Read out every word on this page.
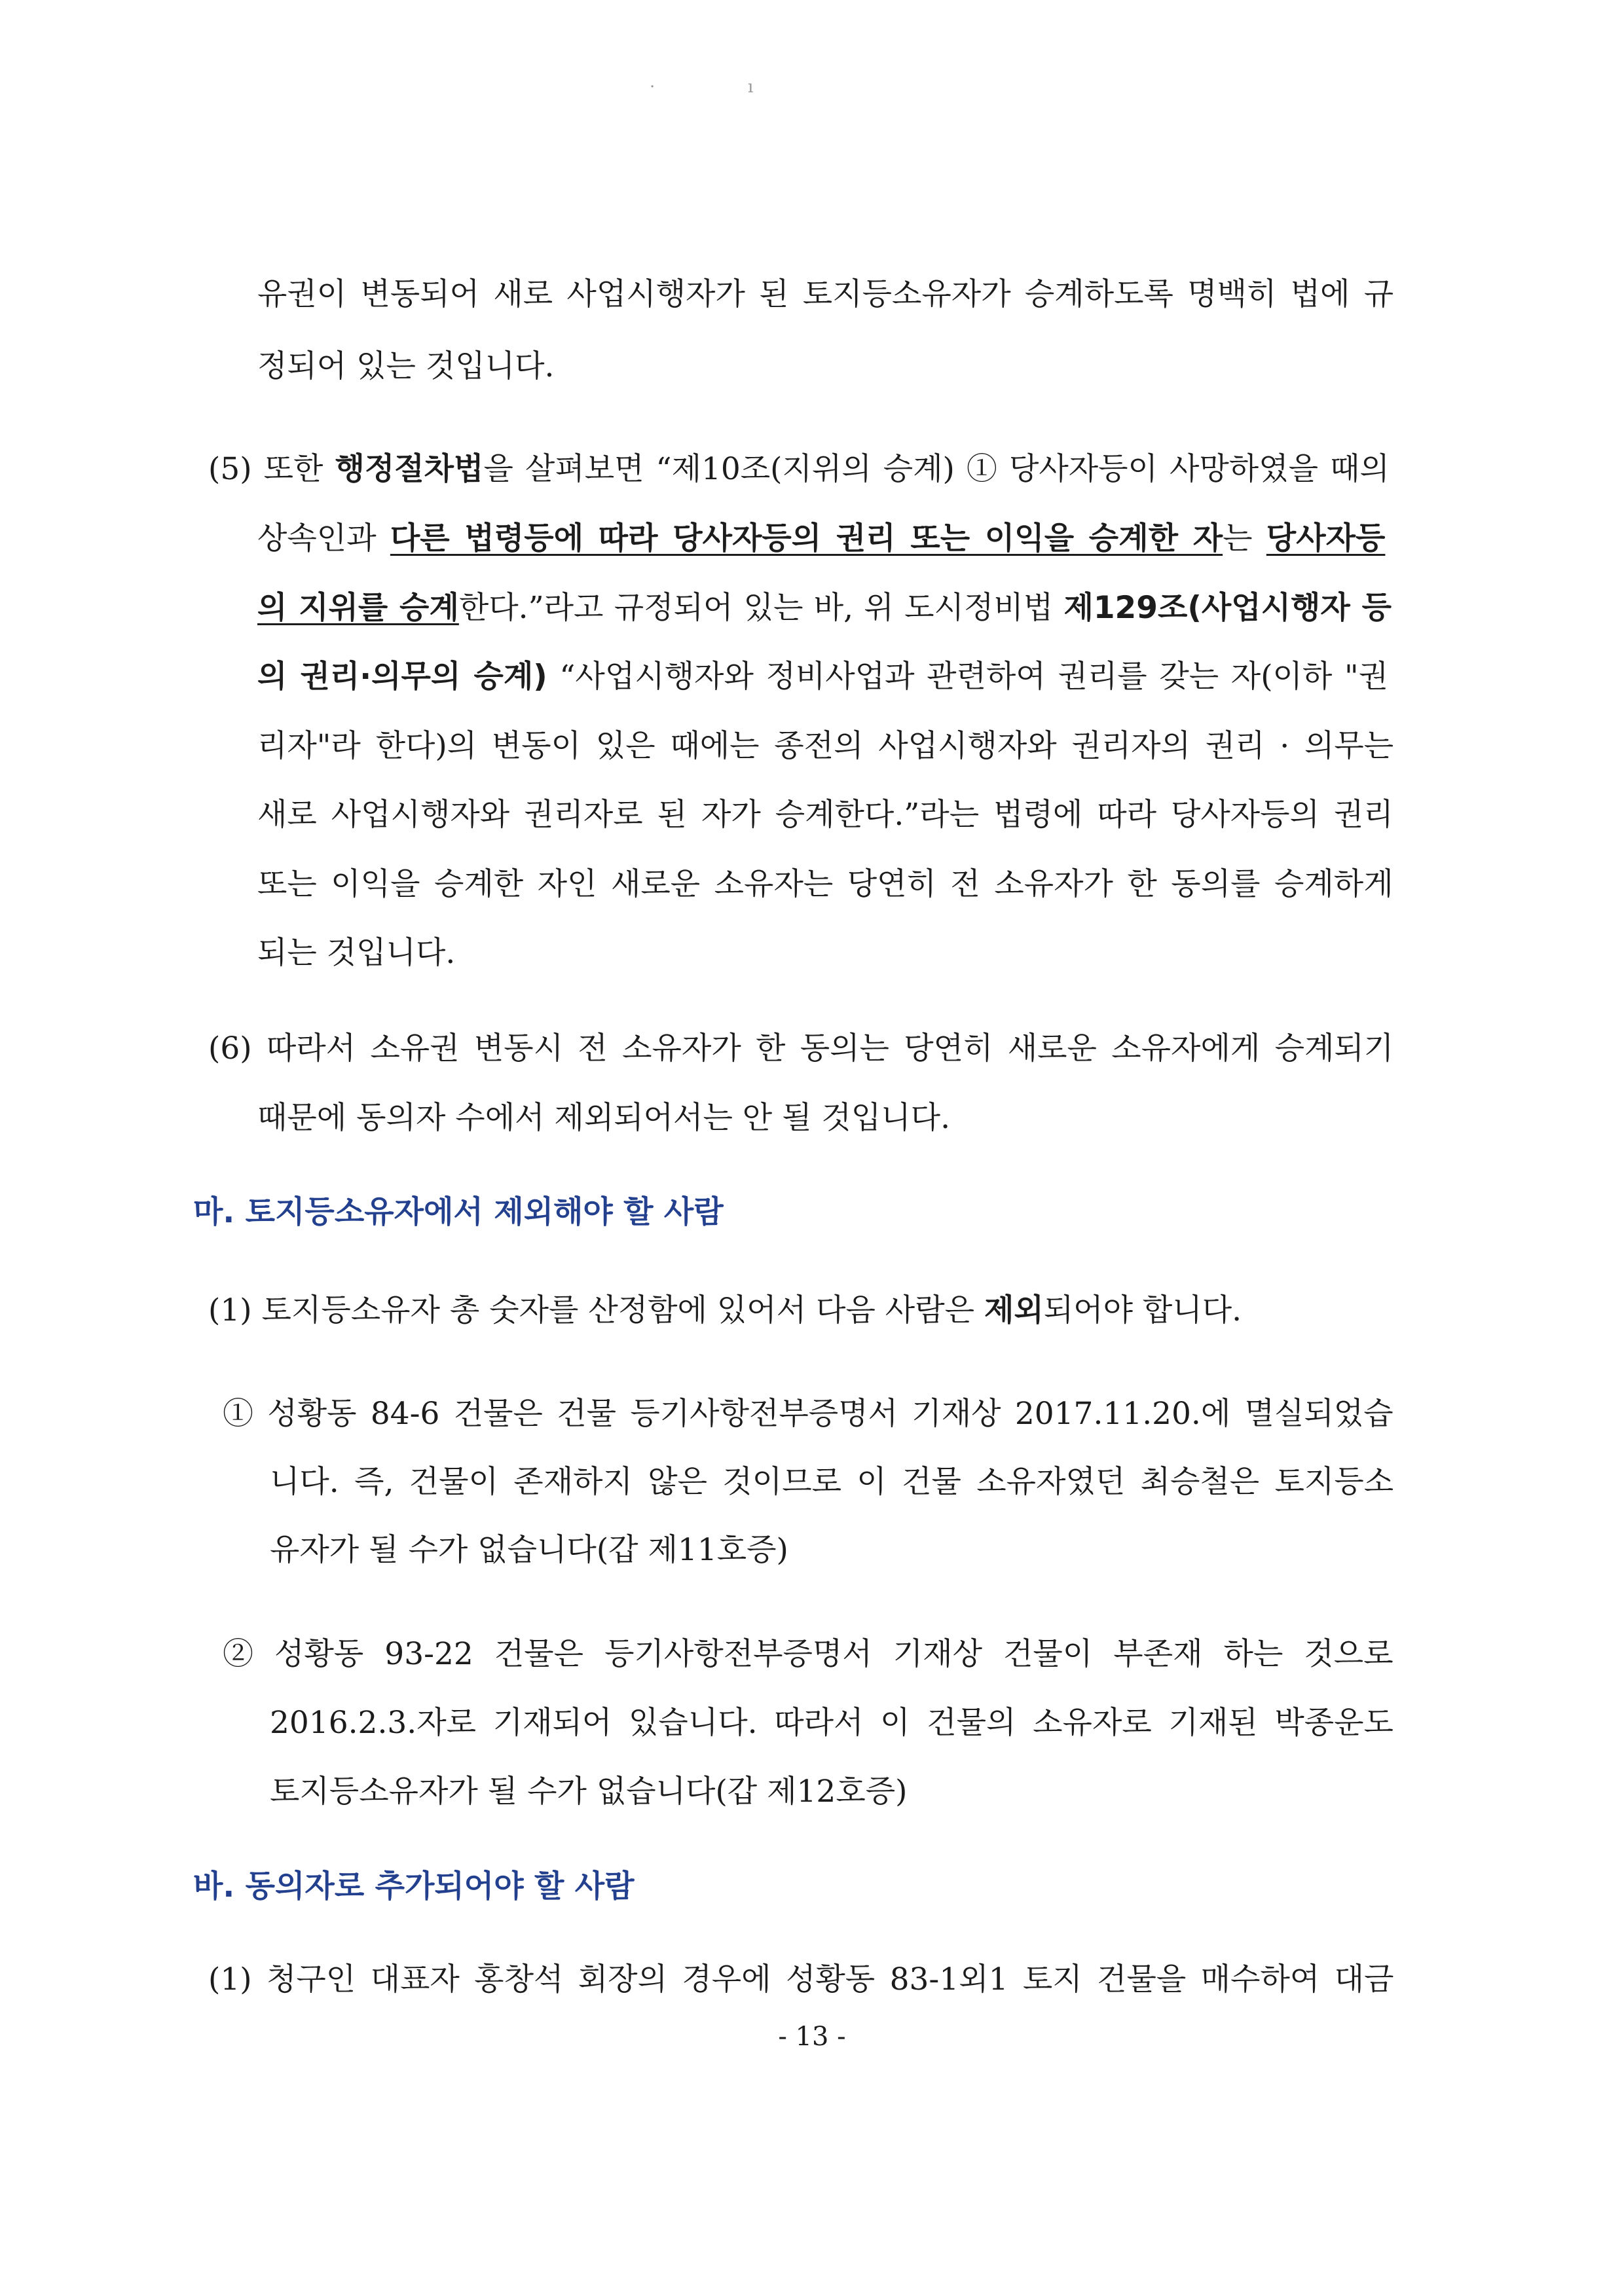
·	ı
유권이 변동되어 새로 사업시행자가 된 토지등소유자가 승계하도록 명백히 법에 규
정되어 있는 것입니다.
(5) 또한 행정절차법을 살펴보면 “제10조(지위의 승계) ① 당사자등이 사망하였을 때의
상속인과 다른 법령등에 따라 당사자등의 권리 또는 이익을 승계한 자는 당사자등
의 지위를 승계한다.”라고 규정되어 있는 바, 위 도시정비법 제129조(사업시행자 등
의 권리·의무의 승계) “사업시행자와 정비사업과 관련하여 권리를 갖는 자(이하 "권
리자"라 한다)의 변동이 있은 때에는 종전의 사업시행자와 권리자의 권리 · 의무는
새로 사업시행자와 권리자로 된 자가 승계한다.”라는 법령에 따라 당사자등의 권리
또는 이익을 승계한 자인 새로운 소유자는 당연히 전 소유자가 한 동의를 승계하게
되는 것입니다.
(6) 따라서 소유권 변동시 전 소유자가 한 동의는 당연히 새로운 소유자에게 승계되기
때문에 동의자 수에서 제외되어서는 안 될 것입니다.
마. 토지등소유자에서 제외해야 할 사람
(1) 토지등소유자 총 숫자를 산정함에 있어서 다음 사람은 제외되어야 합니다.
① 성황동 84-6 건물은 건물 등기사항전부증명서 기재상 2017.11.20.에 멸실되었습
니다. 즉, 건물이 존재하지 않은 것이므로 이 건물 소유자였던 최승철은 토지등소
유자가 될 수가 없습니다(갑 제11호증)
② 성황동 93-22 건물은 등기사항전부증명서 기재상 건물이 부존재 하는 것으로
2016.2.3.자로 기재되어 있습니다. 따라서 이 건물의 소유자로 기재된 박종운도
토지등소유자가 될 수가 없습니다(갑 제12호증)
바. 동의자로 추가되어야 할 사람
(1) 청구인 대표자 홍창석 회장의 경우에 성황동 83-1외1 토지 건물을 매수하여 대금
- 13 -
